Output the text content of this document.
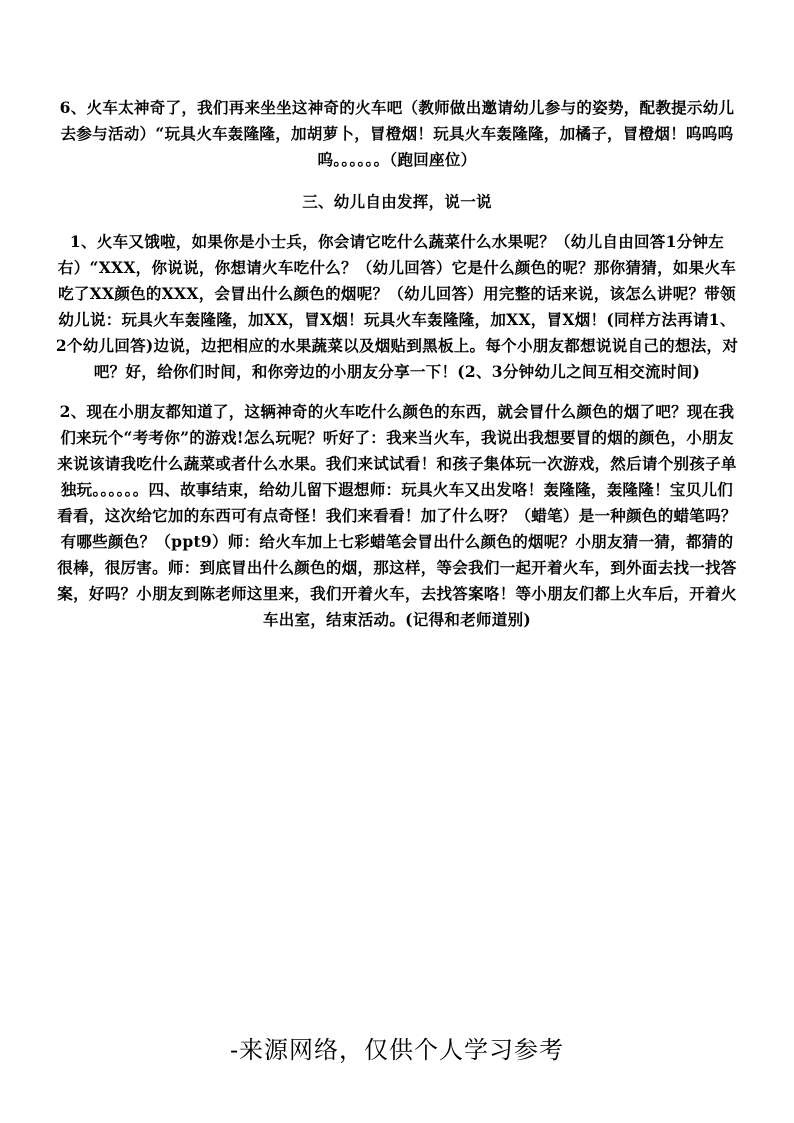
6、火车太神奇了，我们再来坐坐这神奇的火车吧（教师做出邀请幼儿参与的姿势，配教提示幼儿去参与活动）“玩具火车轰隆隆，加胡萝卜，冒橙烟！玩具火车轰隆隆，加橘子，冒橙烟！呜呜呜呜。。。。。。（跑回座位）

三、幼儿自由发挥，说一说

1、火车又饿啦，如果你是小士兵，你会请它吃什么蔬菜什么水果呢？（幼儿自由回答1分钟左右）“XXX，你说说，你想请火车吃什么？（幼儿回答）它是什么颜色的呢？那你猜猜，如果火车吃了XX颜色的XXX，会冒出什么颜色的烟呢？（幼儿回答）用完整的话来说，该怎么讲呢？带领幼儿说：玩具火车轰隆隆，加XX，冒X烟！玩具火车轰隆隆，加XX，冒X烟！(同样方法再请1、2个幼儿回答)边说，边把相应的水果蔬菜以及烟贴到黑板上。每个小朋友都想说说自己的想法，对吧？好，给你们时间，和你旁边的小朋友分享一下！(2、3分钟幼儿之间互相交流时间)

2、现在小朋友都知道了，这辆神奇的火车吃什么颜色的东西，就会冒什么颜色的烟了吧？现在我们来玩个“考考你”的游戏!怎么玩呢？听好了：我来当火车，我说出我想要冒的烟的颜色，小朋友来说该请我吃什么蔬菜或者什么水果。我们来试试看！和孩子集体玩一次游戏，然后请个别孩子单独玩。。。。。。四、故事结束，给幼儿留下遐想师：玩具火车又出发咯！轰隆隆，轰隆隆！宝贝儿们看看，这次给它加的东西可有点奇怪！我们来看看！加了什么呀？（蜡笔）是一种颜色的蜡笔吗？有哪些颜色？（ppt9）师：给火车加上七彩蜡笔会冒出什么颜色的烟呢？小朋友猜一猜，都猜的很棒，很厉害。师：到底冒出什么颜色的烟，那这样，等会我们一起开着火车，到外面去找一找答案，好吗？小朋友到陈老师这里来，我们开着火车，去找答案咯！等小朋友们都上火车后，开着火车出室，结束活动。(记得和老师道别)

-来源网络，仅供个人学习参考
